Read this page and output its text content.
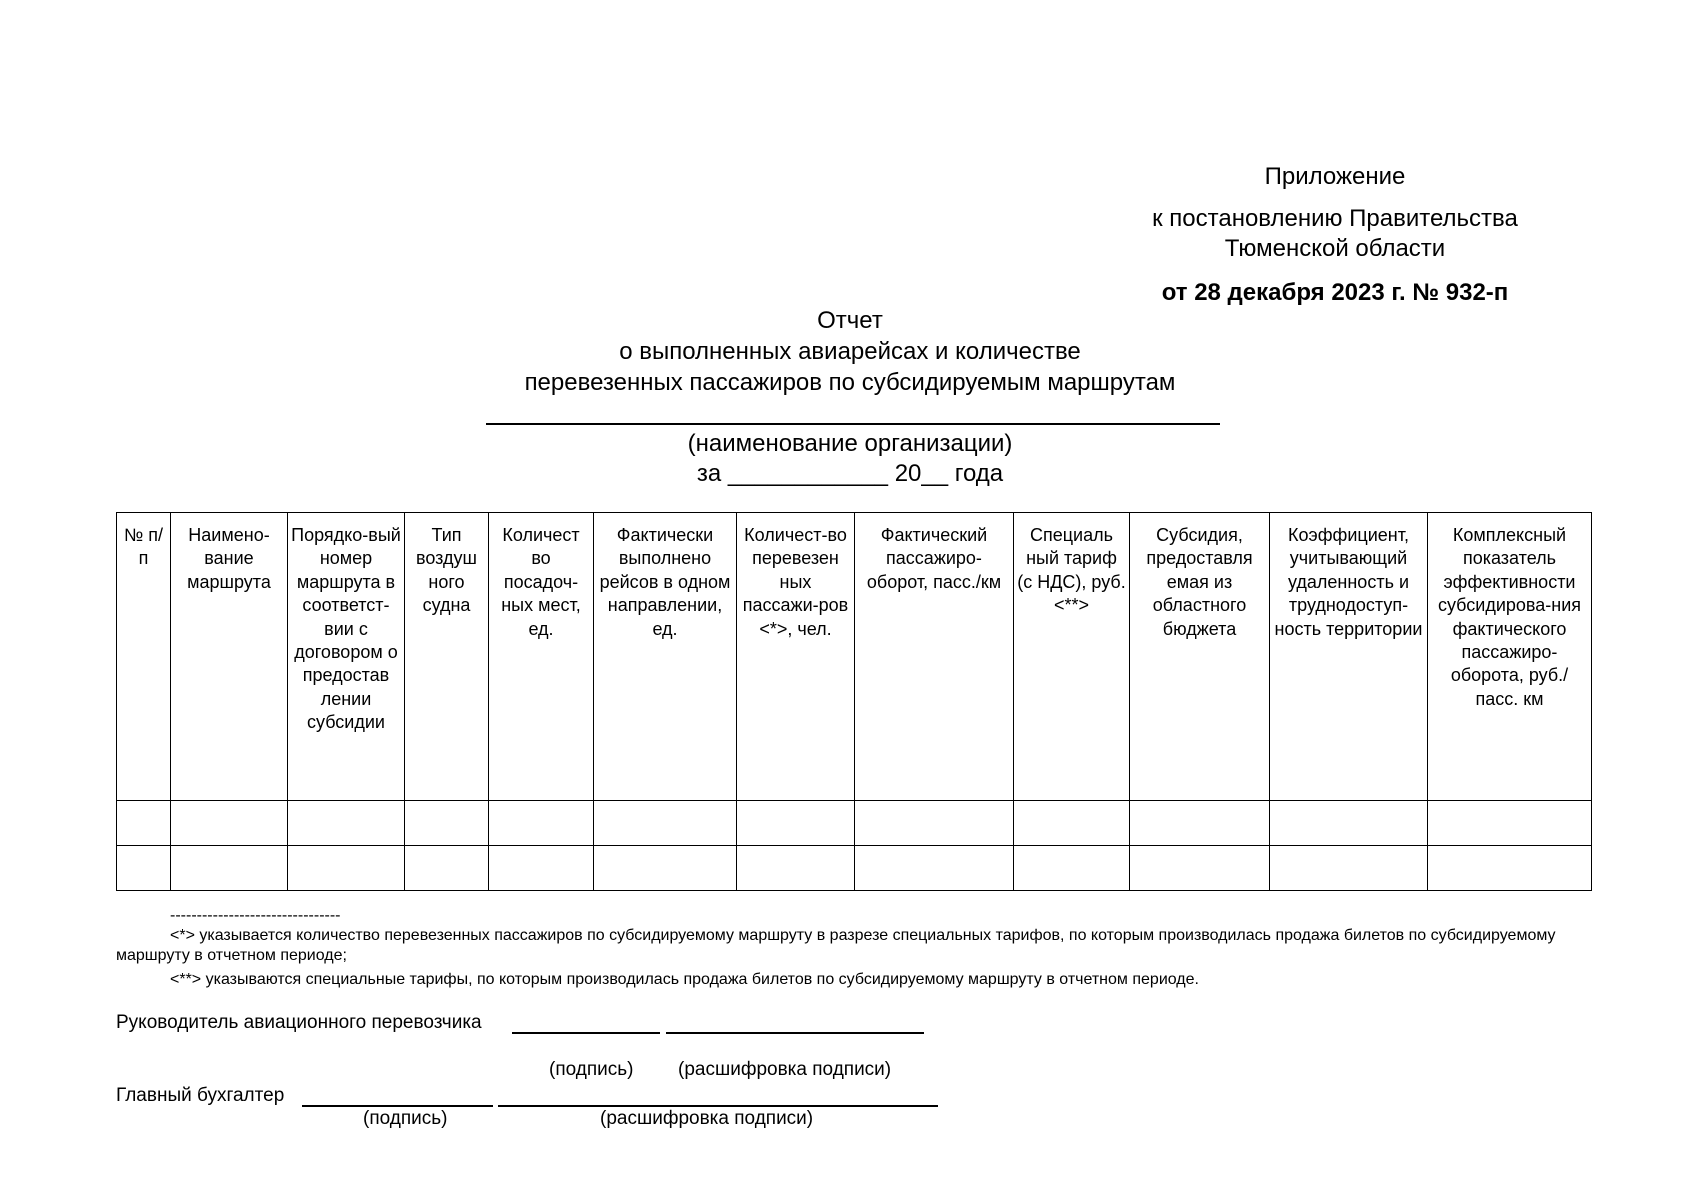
Приложение
к постановлению Правительства
Тюменской области
от 28 декабря 2023 г. № 932-п
Отчет
о выполненных авиарейсах и количестве
перевезенных пассажиров по субсидируемым маршрутам
(наименование организации)
за ____________ 20__ года
№ п/п	Наимено-вание маршрута	Порядко-вый номер маршрута в соответст-вии с договором о предостав лении субсидии	Тип воздуш ного судна	Количест во посадоч-ных мест, ед.	Фактически выполнено рейсов в одном направлении, ед.	Количест-во перевезен ных пассажи-ров <*>, чел.	Фактический пассажиро-оборот, пасс./км	Специаль ный тариф (с НДС), руб. <**>	Субсидия, предоставля емая из областного бюджета	Коэффициент, учитывающий удаленность и труднодоступ-ность территории	Комплексный показатель эффективности субсидирова-ния фактического пассажиро-оборота, руб./пасс. км

--------------------------------
<*> указывается количество перевезенных пассажиров по субсидируемому маршруту в разрезе специальных тарифов, по которым производилась продажа билетов по субсидируемому маршруту в отчетном периоде;
<**> указываются специальные тарифы, по которым производилась продажа билетов по субсидируемому маршруту в отчетном периоде.
Руководитель авиационного перевозчика
(подпись) (расшифровка подписи)
Главный бухгалтер
(подпись)	(расшифровка подписи)
